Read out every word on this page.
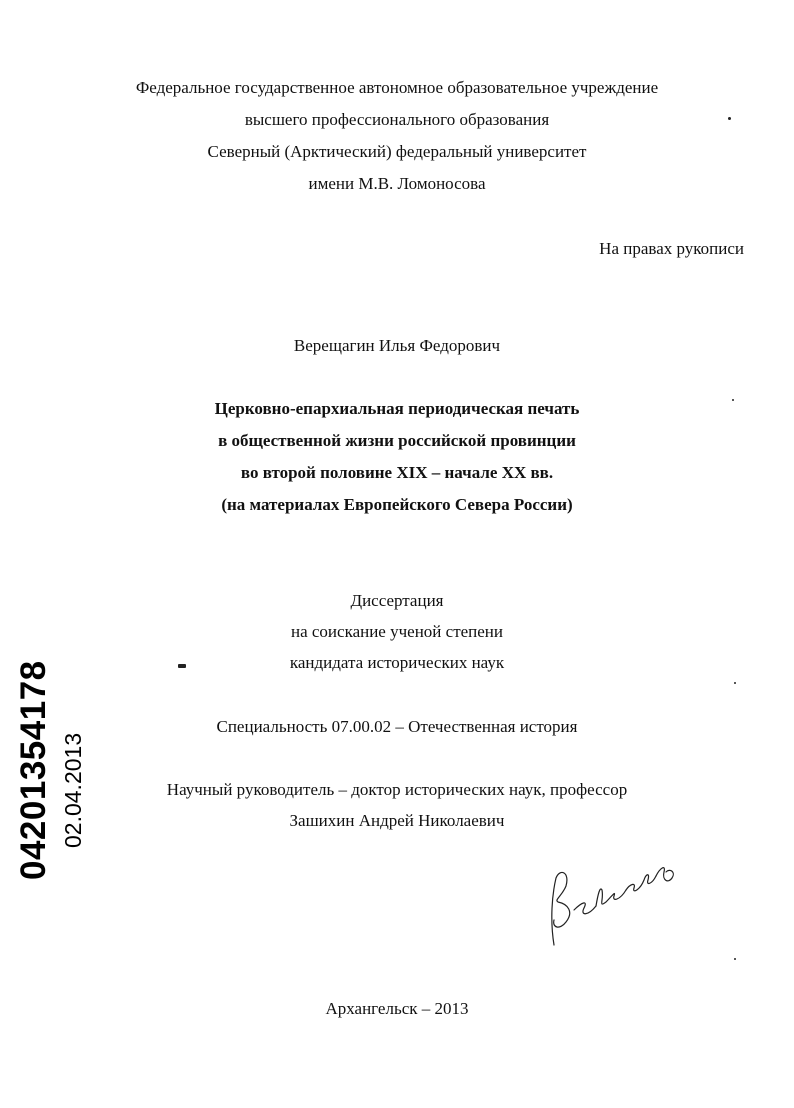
Федеральное государственное автономное образовательное учреждение
высшего профессионального образования
Северный (Арктический) федеральный университет
имени М.В. Ломоносова
На правах рукописи
Верещагин Илья Федорович
Церковно-епархиальная периодическая печать
в общественной жизни российской провинции
во второй половине XIX – начале XX вв.
(на материалах Европейского Севера России)
Диссертация
на соискание ученой степени
кандидата исторических наук
Специальность 07.00.02 – Отечественная история
Научный руководитель – доктор исторических наук, профессор
Зашихин Андрей Николаевич
Архангельск – 2013
04201354178 02.04.2013
